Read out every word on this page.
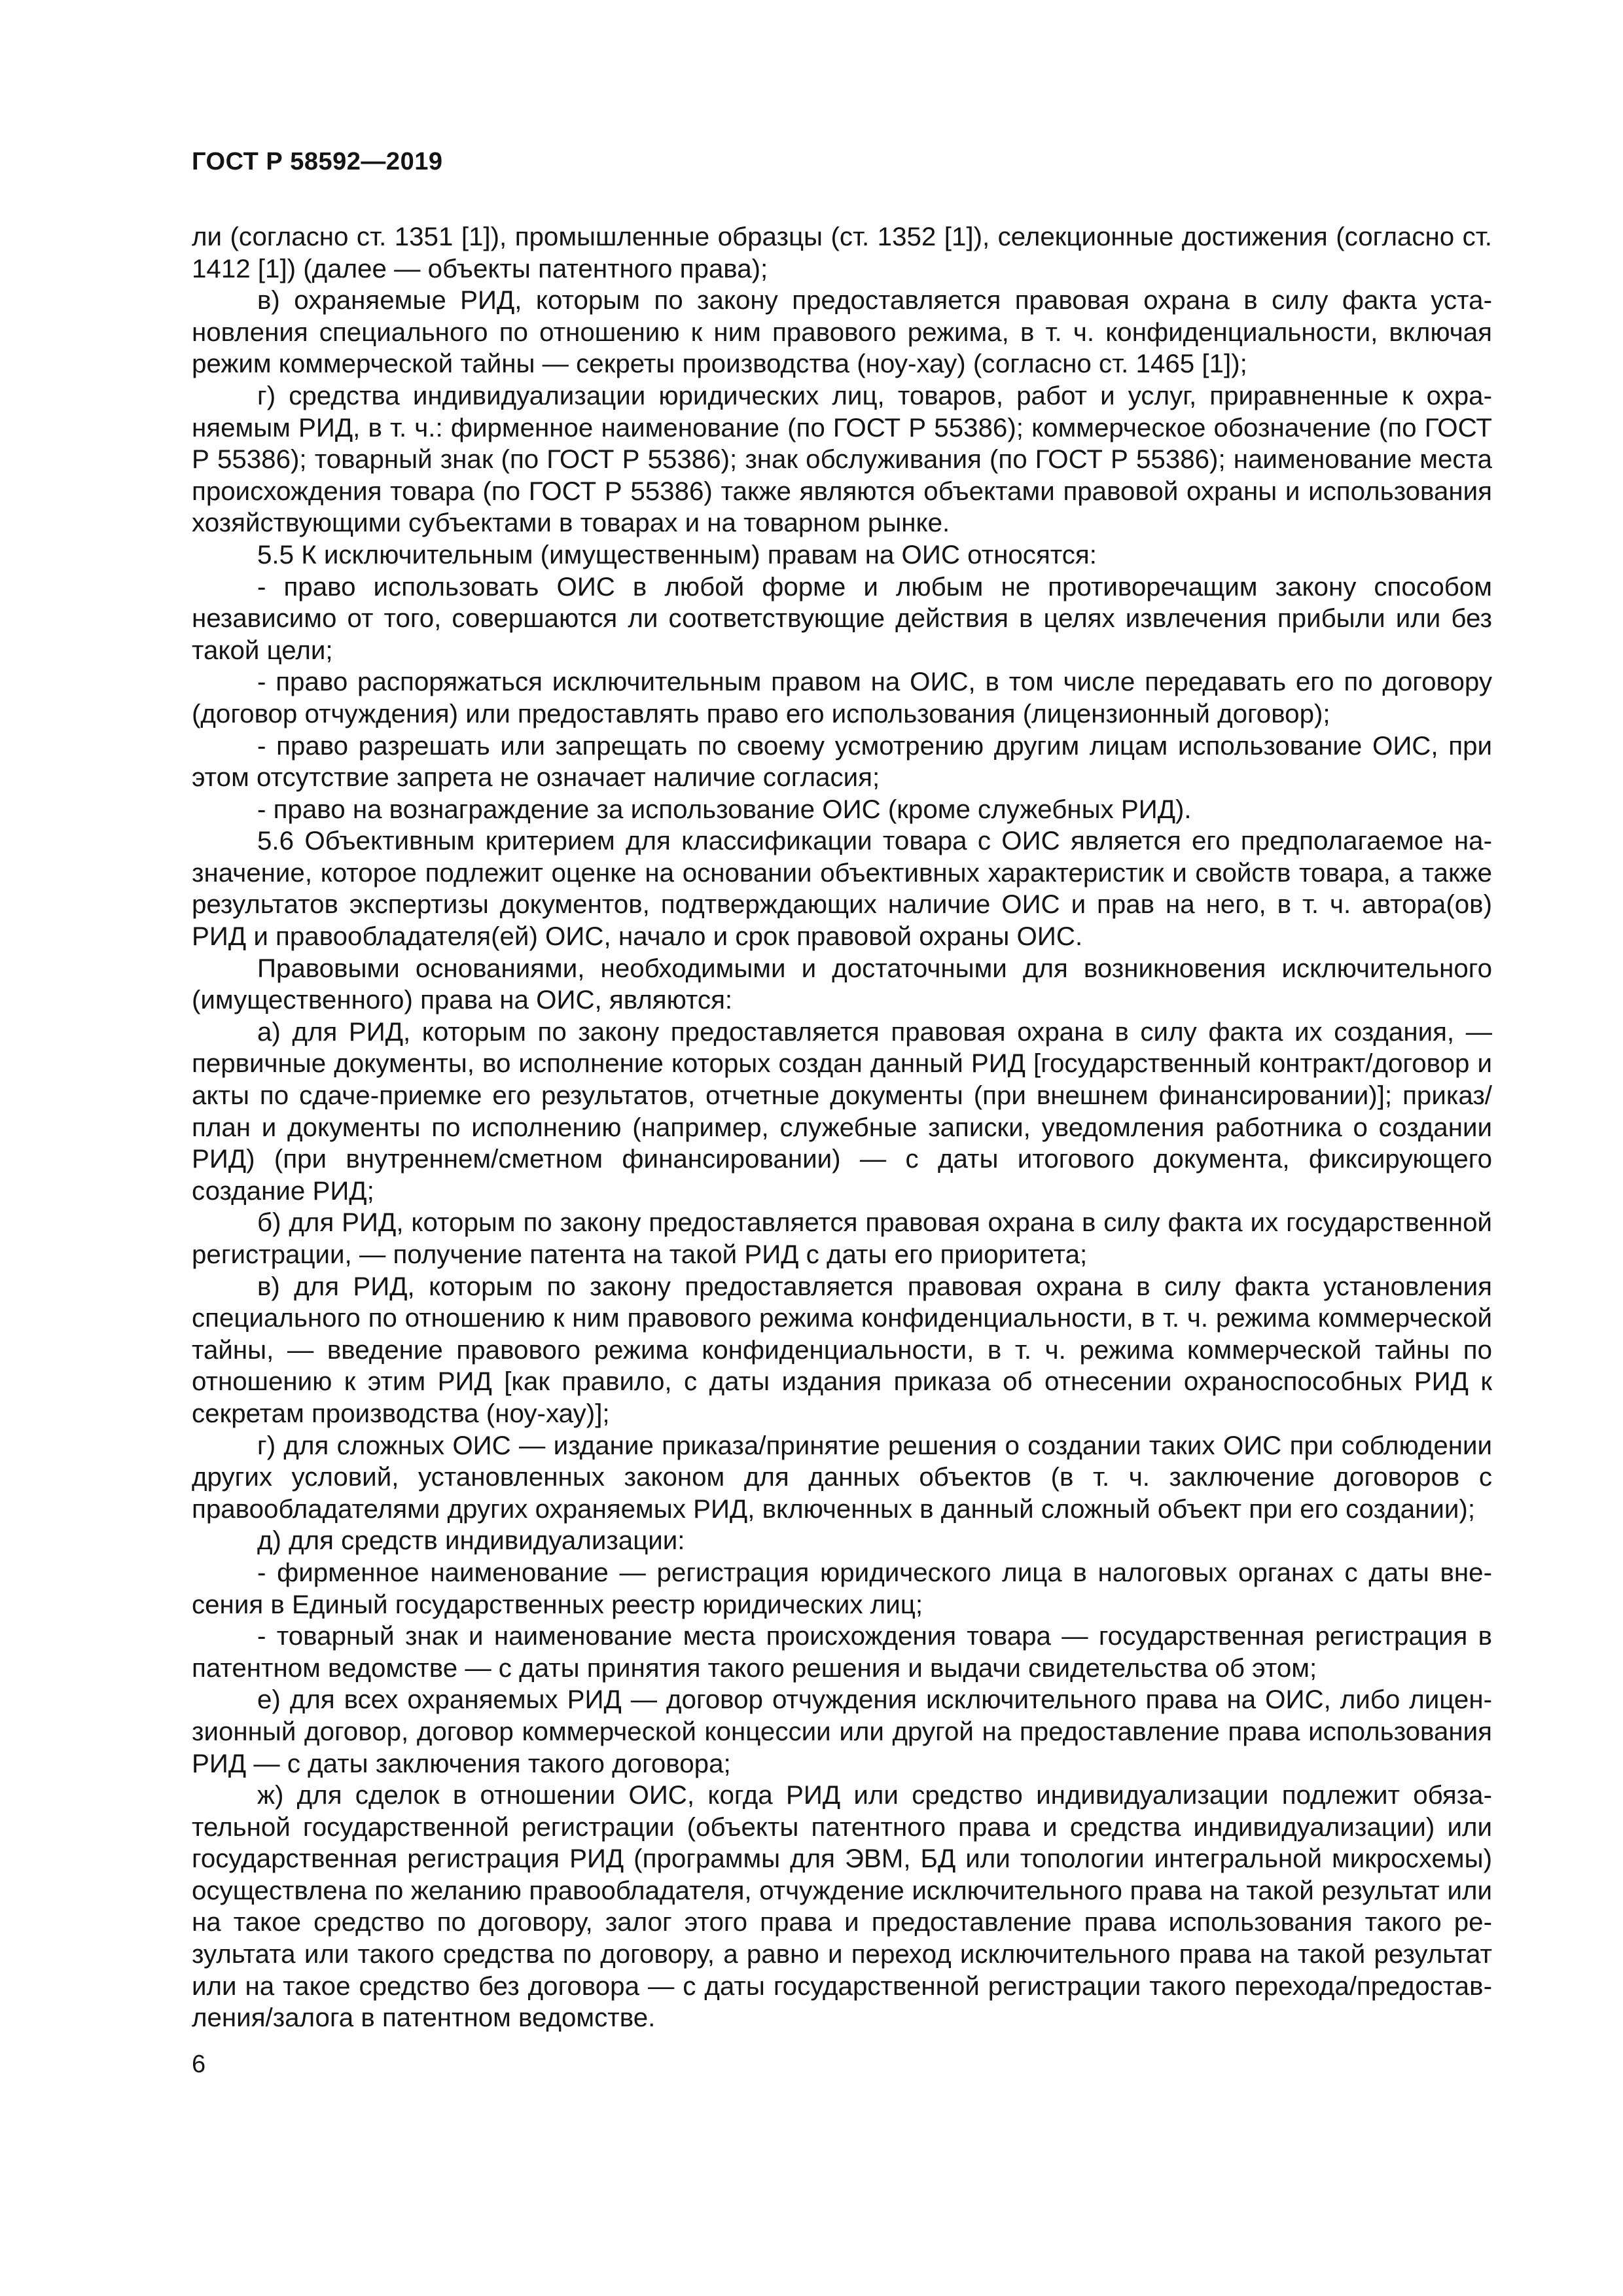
ГОСТ Р 58592—2019

ли (согласно ст. 1351 [1]), промышленные образцы (ст. 1352 [1]), селекционные достижения (согласно ст. 1412 [1]) (далее — объекты патентного права);

в) охраняемые РИД, которым по закону предоставляется правовая охрана в силу факта установления специального по отношению к ним правового режима, в т. ч. конфиденциальности, включая режим коммерческой тайны — секреты производства (ноу-хау) (согласно ст. 1465 [1]);

г) средства индивидуализации юридических лиц, товаров, работ и услуг, приравненные к охраняемым РИД, в т. ч.: фирменное наименование (по ГОСТ Р 55386); коммерческое обозначение (по ГОСТ Р 55386); товарный знак (по ГОСТ Р 55386); знак обслуживания (по ГОСТ Р 55386); наименование места происхождения товара (по ГОСТ Р 55386) также являются объектами правовой охраны и использования хозяйствующими субъектами в товарах и на товарном рынке.

5.5 К исключительным (имущественным) правам на ОИС относятся:

- право использовать ОИС в любой форме и любым не противоречащим закону способом независимо от того, совершаются ли соответствующие действия в целях извлечения прибыли или без такой цели;

- право распоряжаться исключительным правом на ОИС, в том числе передавать его по договору (договор отчуждения) или предоставлять право его использования (лицензионный договор);

- право разрешать или запрещать по своему усмотрению другим лицам использование ОИС, при этом отсутствие запрета не означает наличие согласия;

- право на вознаграждение за использование ОИС (кроме служебных РИД).

5.6 Объективным критерием для классификации товара с ОИС является его предполагаемое назначение, которое подлежит оценке на основании объективных характеристик и свойств товара, а также результатов экспертизы документов, подтверждающих наличие ОИС и прав на него, в т. ч. автора(ов) РИД и правообладателя(ей) ОИС, начало и срок правовой охраны ОИС.

Правовыми основаниями, необходимыми и достаточными для возникновения исключительного (имущественного) права на ОИС, являются:

а) для РИД, которым по закону предоставляется правовая охрана в силу факта их создания, — первичные документы, во исполнение которых создан данный РИД [государственный контракт/договор и акты по сдаче-приемке его результатов, отчетные документы (при внешнем финансировании)]; приказ/план и документы по исполнению (например, служебные записки, уведомления работника о создании РИД) (при внутреннем/сметном финансировании) — с даты итогового документа, фиксирующего создание РИД;

б) для РИД, которым по закону предоставляется правовая охрана в силу факта их государственной регистрации, — получение патента на такой РИД с даты его приоритета;

в) для РИД, которым по закону предоставляется правовая охрана в силу факта установления специального по отношению к ним правового режима конфиденциальности, в т. ч. режима коммерческой тайны, — введение правового режима конфиденциальности, в т. ч. режима коммерческой тайны по отношению к этим РИД [как правило, с даты издания приказа об отнесении охраноспособных РИД к секретам производства (ноу-хау)];

г) для сложных ОИС — издание приказа/принятие решения о создании таких ОИС при соблюдении других условий, установленных законом для данных объектов (в т. ч. заключение договоров с правообладателями других охраняемых РИД, включенных в данный сложный объект при его создании);

д) для средств индивидуализации:

- фирменное наименование — регистрация юридического лица в налоговых органах с даты внесения в Единый государственных реестр юридических лиц;

- товарный знак и наименование места происхождения товара — государственная регистрация в патентном ведомстве — с даты принятия такого решения и выдачи свидетельства об этом;

е) для всех охраняемых РИД — договор отчуждения исключительного права на ОИС, либо лицензионный договор, договор коммерческой концессии или другой на предоставление права использования РИД — с даты заключения такого договора;

ж) для сделок в отношении ОИС, когда РИД или средство индивидуализации подлежит обязательной государственной регистрации (объекты патентного права и средства индивидуализации) или государственная регистрация РИД (программы для ЭВМ, БД или топологии интегральной микросхемы) осуществлена по желанию правообладателя, отчуждение исключительного права на такой результат или на такое средство по договору, залог этого права и предоставление права использования такого результата или такого средства по договору, а равно и переход исключительного права на такой результат или на такое средство без договора — с даты государственной регистрации такого перехода/предоставления/залога в патентном ведомстве.

6
